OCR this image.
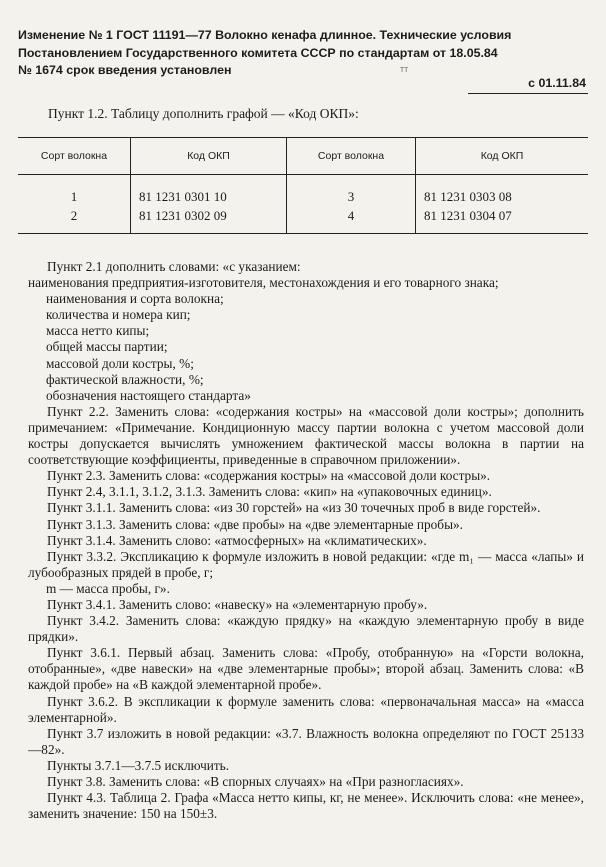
Изменение № 1 ГОСТ 11191—77 Волокно кенафа длинное. Технические условия
Постановлением Государственного комитета СССР по стандартам от 18.05.84
№ 1674 срок введения установлен	тт
с 01.11.84
Пункт 1.2. Таблицу дополнить графой — «Код ОКП»:
Сорт волокна	Код ОКП	Сорт волокна	Код ОКП
1	81 1231 0301 10	3	81 1231 0303 08
2	81 1231 0302 09	4	81 1231 0304 07

Пункт 2.1 дополнить словами: «с указанием:

наименования предприятия-изготовителя, местонахождения и его товарного знака;

наименования и сорта волокна;

количества и номера кип;

масса нетто кипы;

общей массы партии;

массовой доли костры, %;

фактической влажности, %;

обозначения настоящего стандарта»

Пункт 2.2. Заменить слова: «содержания костры» на «массовой доли костры»; дополнить примечанием: «Примечание. Кондиционную массу партии волокна с учетом массовой доли костры допускается вычислять умножением фактической массы волокна в партии на соответствующие коэффициенты, приведенные в справочном приложении».

Пункт 2.3. Заменить слова: «содержания костры» на «массовой доли костры».

Пункт 2.4, 3.1.1, 3.1.2, 3.1.3. Заменить слова: «кип» на «упаковочных единиц».

Пункт 3.1.1. Заменить слова: «из 30 горстей» на «из 30 точечных проб в виде горстей».

Пункт 3.1.3. Заменить слова: «две пробы» на «две элементарные пробы».

Пункт 3.1.4. Заменить слово: «атмосферных» на «климатических».

Пункт 3.3.2. Экспликацию к формуле изложить в новой редакции: «где m₁ — масса «лапы» и лубообразных прядей в пробе, г;

m — масса пробы, г».

Пункт 3.4.1. Заменить слово: «навеску» на «элементарную пробу».

Пункт 3.4.2. Заменить слова: «каждую прядку» на «каждую элементарную пробу в виде прядки».

Пункт 3.6.1. Первый абзац. Заменить слова: «Пробу, отобранную» на «Горсти волокна, отобранные», «две навески» на «две элементарные пробы»; второй абзац. Заменить слова: «В каждой пробе» на «В каждой элементарной пробе».

Пункт 3.6.2. В экспликации к формуле заменить слова: «первоначальная масса» на «масса элементарной».

Пункт 3.7 изложить в новой редакции: «3.7. Влажность волокна определяют по ГОСТ 25133—82».

Пункты 3.7.1—3.7.5 исключить.

Пункт 3.8. Заменить слова: «В спорных случаях» на «При разногласиях».

Пункт 4.3. Таблица 2. Графа «Масса нетто кипы, кг, не менее». Исключить слова: «не менее», заменить значение: 150 на 150±3.
